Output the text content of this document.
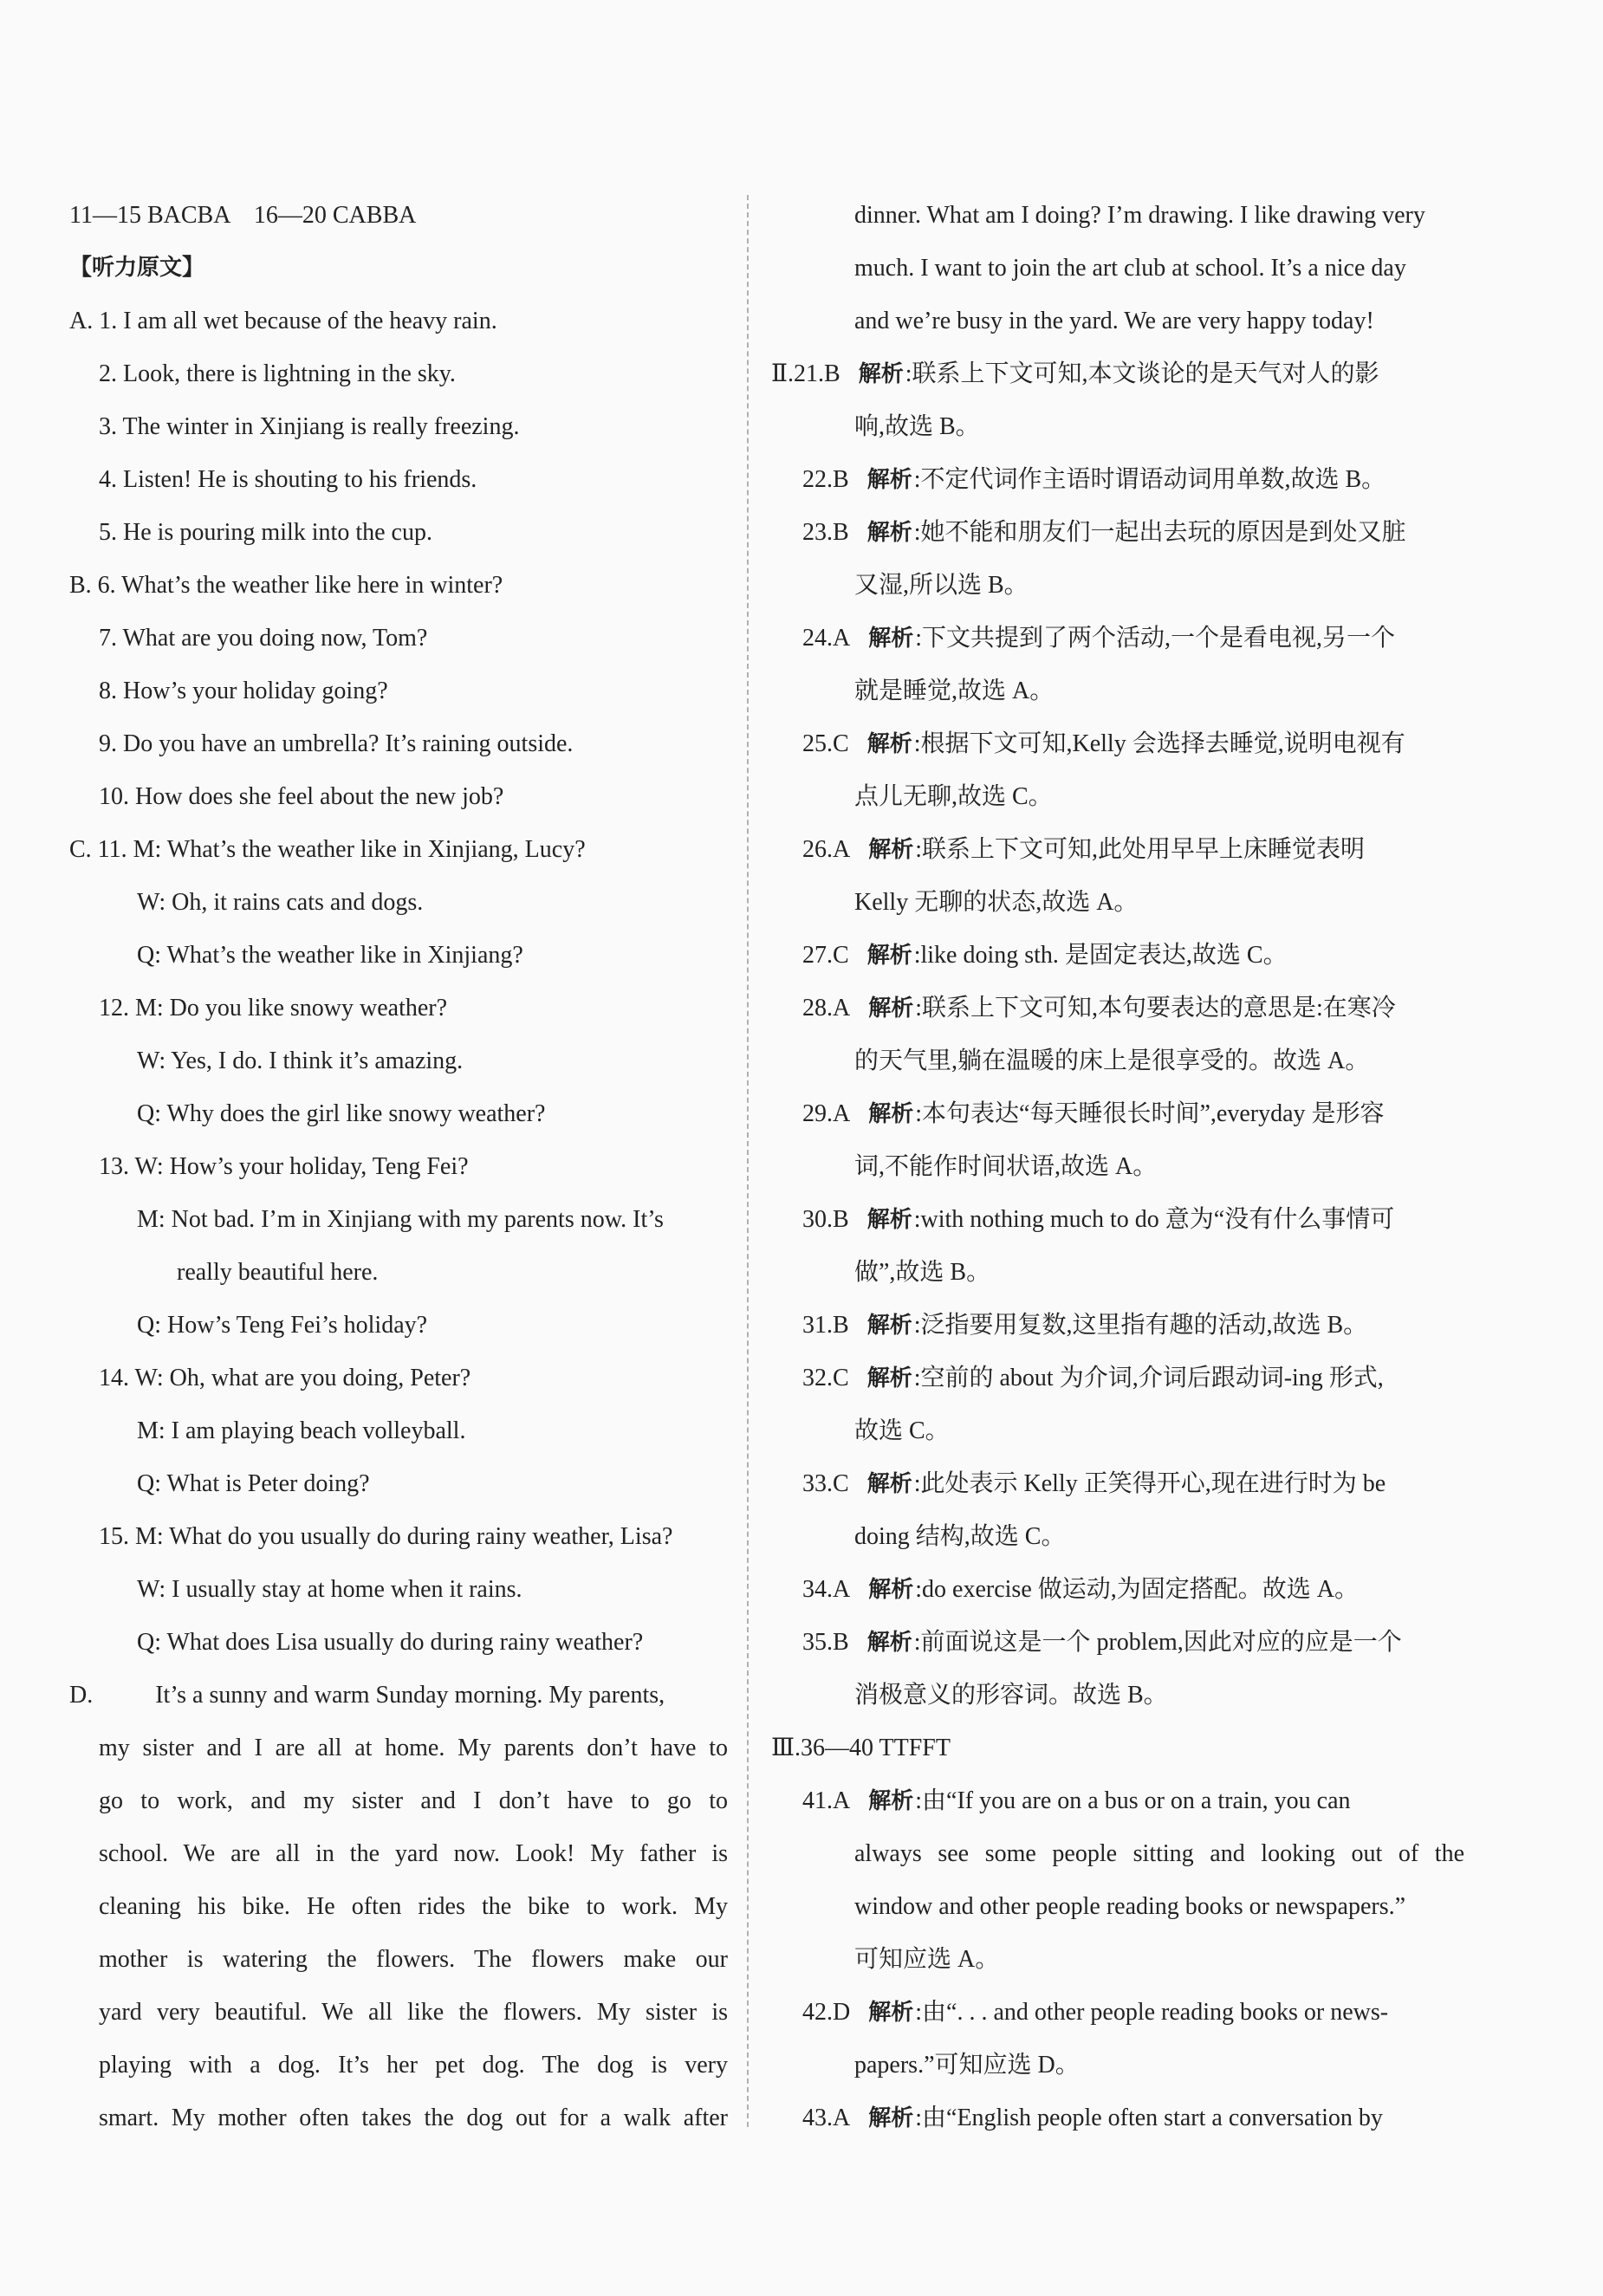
11—15 BACBA　16—20 CABBA
【听力原文】
A. 1. I am all wet because of the heavy rain.
2. Look, there is lightning in the sky.
3. The winter in Xinjiang is really freezing.
4. Listen! He is shouting to his friends.
5. He is pouring milk into the cup.
B. 6. What’s the weather like here in winter?
7. What are you doing now, Tom?
8. How’s your holiday going?
9. Do you have an umbrella? It’s raining outside.
10. How does she feel about the new job?
C. 11. M: What’s the weather like in Xinjiang, Lucy?
W: Oh, it rains cats and dogs.
Q: What’s the weather like in Xinjiang?
12. M: Do you like snowy weather?
W: Yes, I do. I think it’s amazing.
Q: Why does the girl like snowy weather?
13. W: How’s your holiday, Teng Fei?
M: Not bad. I’m in Xinjiang with my parents now. It’s
really beautiful here.
Q: How’s Teng Fei’s holiday?
14. W: Oh, what are you doing, Peter?
M: I am playing beach volleyball.
Q: What is Peter doing?
15. M: What do you usually do during rainy weather, Lisa?
W: I usually stay at home when it rains.
Q: What does Lisa usually do during rainy weather?
D.	It’s a sunny and warm Sunday morning. My parents,
my sister and I are all at home. My parents don’t have to
go to work, and my sister and I don’t have to go to
school. We are all in the yard now. Look! My father is
cleaning his bike. He often rides the bike to work. My
mother is watering the flowers. The flowers make our
yard very beautiful. We all like the flowers. My sister is
playing with a dog. It’s her pet dog. The dog is very
smart. My mother often takes the dog out for a walk after
dinner. What am I doing? I’m drawing. I like drawing very
much. I want to join the art club at school. It’s a nice day
and we’re busy in the yard. We are very happy today!
Ⅱ.21.B 解析:联系上下文可知,本文谈论的是天气对人的影
响,故选 B。
22.B 解析:不定代词作主语时谓语动词用单数,故选 B。
23.B 解析:她不能和朋友们一起出去玩的原因是到处又脏
又湿,所以选 B。
24.A 解析:下文共提到了两个活动,一个是看电视,另一个
就是睡觉,故选 A。
25.C 解析:根据下文可知,Kelly 会选择去睡觉,说明电视有
点儿无聊,故选 C。
26.A 解析:联系上下文可知,此处用早早上床睡觉表明
Kelly 无聊的状态,故选 A。
27.C 解析:like doing sth. 是固定表达,故选 C。
28.A 解析:联系上下文可知,本句要表达的意思是:在寒冷
的天气里,躺在温暖的床上是很享受的。故选 A。
29.A 解析:本句表达“每天睡很长时间”,everyday 是形容
词,不能作时间状语,故选 A。
30.B 解析:with nothing much to do 意为“没有什么事情可
做”,故选 B。
31.B 解析:泛指要用复数,这里指有趣的活动,故选 B。
32.C 解析:空前的 about 为介词,介词后跟动词-ing 形式,
故选 C。
33.C 解析:此处表示 Kelly 正笑得开心,现在进行时为 be
doing 结构,故选 C。
34.A 解析:do exercise 做运动,为固定搭配。故选 A。
35.B 解析:前面说这是一个 problem,因此对应的应是一个
消极意义的形容词。故选 B。
Ⅲ.36—40 TTFFT
41.A 解析:由“If you are on a bus or on a train, you can
always see some people sitting and looking out of the
window and other people reading books or newspapers.”
可知应选 A。
42.D 解析:由“. . . and other people reading books or news-
papers.”可知应选 D。
43.A 解析:由“English people often start a conversation by
